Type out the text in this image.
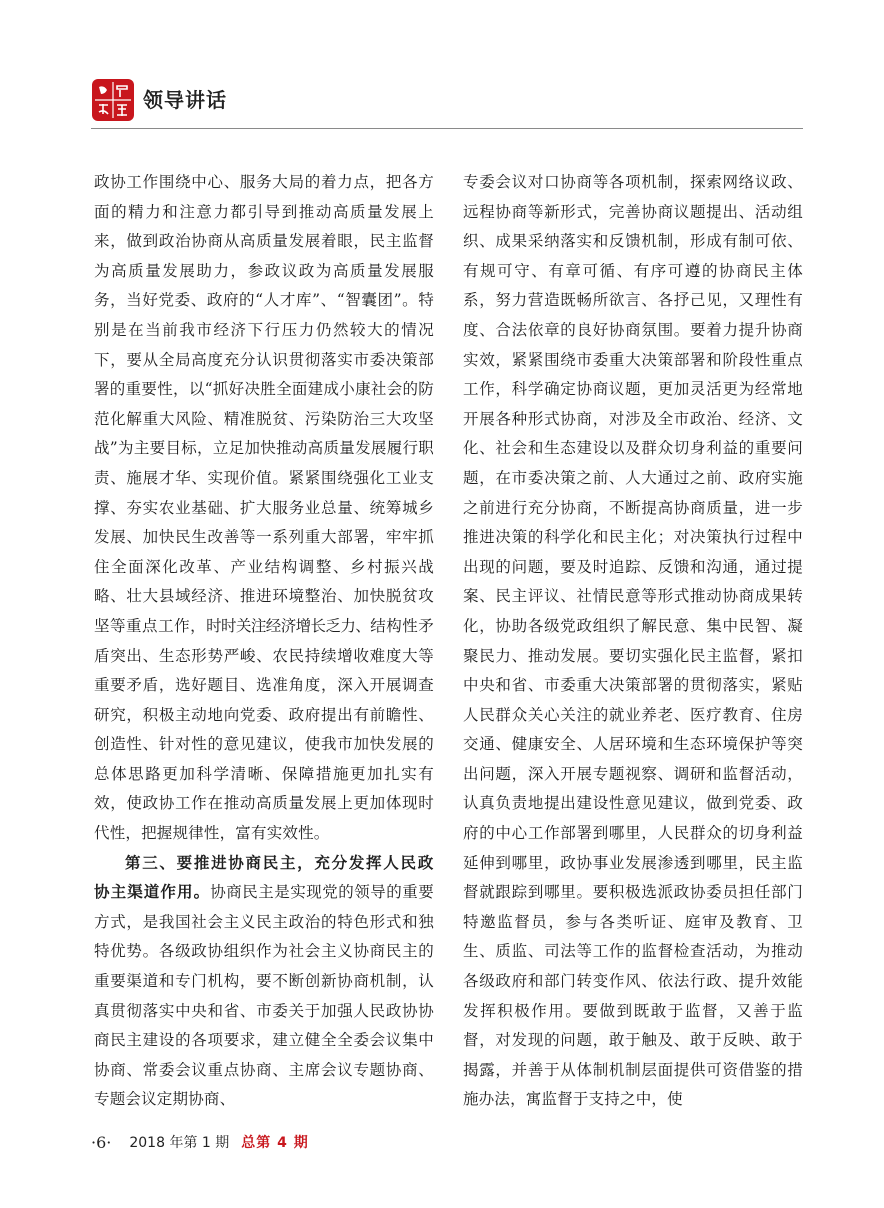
领导讲话

政协工作围绕中心、服务大局的着力点，把各方面的精力和注意力都引导到推动高质量发展上来，做到政治协商从高质量发展着眼，民主监督为高质量发展助力，参政议政为高质量发展服务，当好党委、政府的“人才库”、“智囊团”。特别是在当前我市经济下行压力仍然较大的情况下，要从全局高度充分认识贯彻落实市委决策部署的重要性，以“抓好决胜全面建成小康社会的防范化解重大风险、精准脱贫、污染防治三大攻坚战”为主要目标，立足加快推动高质量发展履行职责、施展才华、实现价值。紧紧围绕强化工业支撑、夯实农业基础、扩大服务业总量、统筹城乡发展、加快民生改善等一系列重大部署，牢牢抓住全面深化改革、产业结构调整、乡村振兴战略、壮大县域经济、推进环境整治、加快脱贫攻坚等重点工作，时时关注经济增长乏力、结构性矛盾突出、生态形势严峻、农民持续增收难度大等重要矛盾，选好题目、选准角度，深入开展调查研究，积极主动地向党委、政府提出有前瞻性、创造性、针对性的意见建议，使我市加快发展的总体思路更加科学清晰、保障措施更加扎实有效，使政协工作在推动高质量发展上更加体现时代性，把握规律性，富有实效性。

第三、要推进协商民主，充分发挥人民政协主渠道作用。协商民主是实现党的领导的重要方式，是我国社会主义民主政治的特色形式和独特优势。各级政协组织作为社会主义协商民主的重要渠道和专门机构，要不断创新协商机制，认真贯彻落实中央和省、市委关于加强人民政协协商民主建设的各项要求，建立健全全委会议集中协商、常委会议重点协商、主席会议专题协商、专题会议定期协商、

专委会议对口协商等各项机制，探索网络议政、远程协商等新形式，完善协商议题提出、活动组织、成果采纳落实和反馈机制，形成有制可依、有规可守、有章可循、有序可遵的协商民主体系，努力营造既畅所欲言、各抒己见，又理性有度、合法依章的良好协商氛围。要着力提升协商实效，紧紧围绕市委重大决策部署和阶段性重点工作，科学确定协商议题，更加灵活更为经常地开展各种形式协商，对涉及全市政治、经济、文化、社会和生态建设以及群众切身利益的重要问题，在市委决策之前、人大通过之前、政府实施之前进行充分协商，不断提高协商质量，进一步推进决策的科学化和民主化；对决策执行过程中出现的问题，要及时追踪、反馈和沟通，通过提案、民主评议、社情民意等形式推动协商成果转化，协助各级党政组织了解民意、集中民智、凝聚民力、推动发展。要切实强化民主监督，紧扣中央和省、市委重大决策部署的贯彻落实，紧贴人民群众关心关注的就业养老、医疗教育、住房交通、健康安全、人居环境和生态环境保护等突出问题，深入开展专题视察、调研和监督活动，认真负责地提出建设性意见建议，做到党委、政府的中心工作部署到哪里，人民群众的切身利益延伸到哪里，政协事业发展渗透到哪里，民主监督就跟踪到哪里。要积极选派政协委员担任部门特邀监督员，参与各类听证、庭审及教育、卫生、质监、司法等工作的监督检查活动，为推动各级政府和部门转变作风、依法行政、提升效能发挥积极作用。要做到既敢于监督，又善于监督，对发现的问题，敢于触及、敢于反映、敢于揭露，并善于从体制机制层面提供可资借鉴的措施办法，寓监督于支持之中，使

·6· 2018 年第 1 期 总第 4 期
